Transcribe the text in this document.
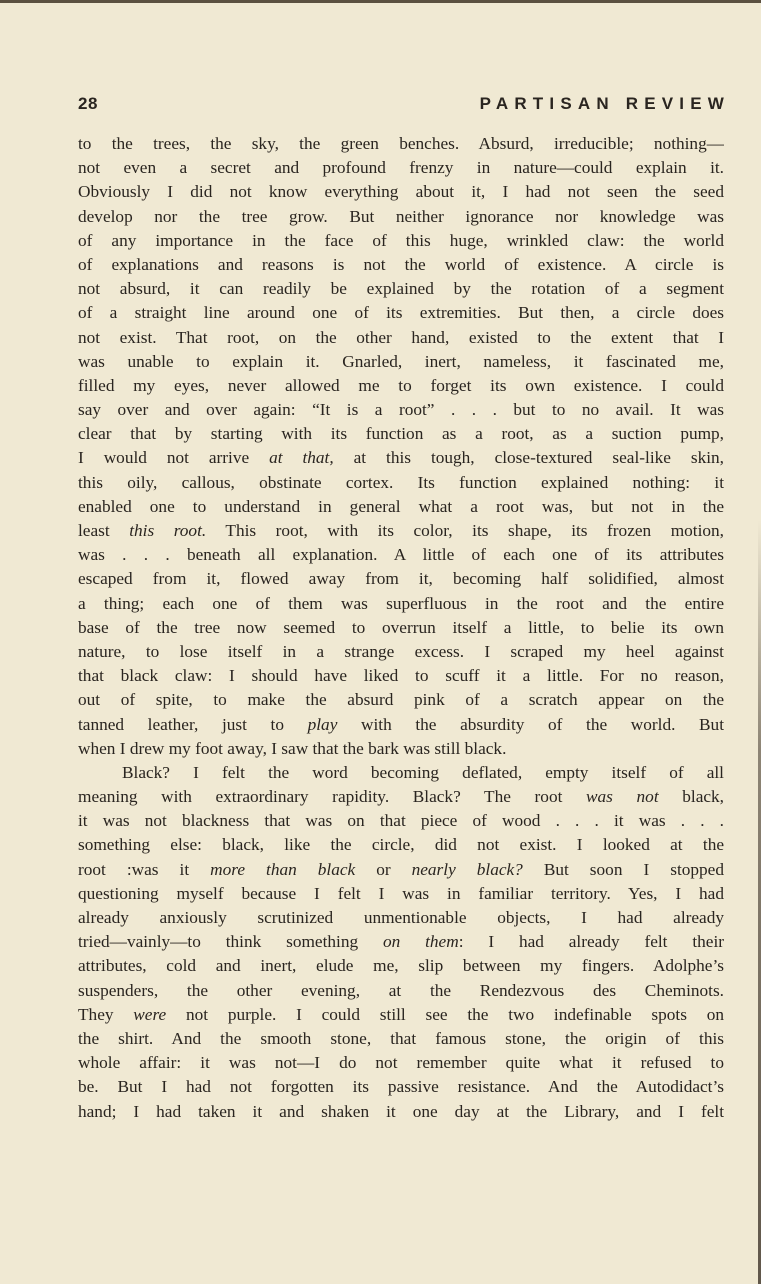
28	PARTISAN REVIEW
to the trees, the sky, the green benches. Absurd, irreducible; nothing—
not even a secret and profound frenzy in nature—could explain it.
Obviously I did not know everything about it, I had not seen the seed
develop nor the tree grow. But neither ignorance nor knowledge was
of any importance in the face of this huge, wrinkled claw: the world
of explanations and reasons is not the world of existence. A circle is
not absurd, it can readily be explained by the rotation of a segment
of a straight line around one of its extremities. But then, a circle does
not exist. That root, on the other hand, existed to the extent that I
was unable to explain it. Gnarled, inert, nameless, it fascinated me,
filled my eyes, never allowed me to forget its own existence. I could
say over and over again: “It is a root” . . . but to no avail. It was
clear that by starting with its function as a root, as a suction pump,
I would not arrive at that, at this tough, close-textured seal-like skin,
this oily, callous, obstinate cortex. Its function explained nothing: it
enabled one to understand in general what a root was, but not in the
least this root. This root, with its color, its shape, its frozen motion,
was . . . beneath all explanation. A little of each one of its attributes
escaped from it, flowed away from it, becoming half solidified, almost
a thing; each one of them was superfluous in the root and the entire
base of the tree now seemed to overrun itself a little, to belie its own
nature, to lose itself in a strange excess. I scraped my heel against
that black claw: I should have liked to scuff it a little. For no reason,
out of spite, to make the absurd pink of a scratch appear on the
tanned leather, just to play with the absurdity of the world. But
when I drew my foot away, I saw that the bark was still black.
Black? I felt the word becoming deflated, empty itself of all
meaning with extraordinary rapidity. Black? The root was not black,
it was not blackness that was on that piece of wood . . . it was . . .
something else: black, like the circle, did not exist. I looked at the
root :was it more than black or nearly black? But soon I stopped
questioning myself because I felt I was in familiar territory. Yes, I had
already anxiously scrutinized unmentionable objects, I had already
tried—vainly—to think something on them: I had already felt their
attributes, cold and inert, elude me, slip between my fingers. Adolphe’s
suspenders, the other evening, at the Rendezvous des Cheminots.
They were not purple. I could still see the two indefinable spots on
the shirt. And the smooth stone, that famous stone, the origin of this
whole affair: it was not—I do not remember quite what it refused to
be. But I had not forgotten its passive resistance. And the Autodidact’s
hand; I had taken it and shaken it one day at the Library, and I felt
